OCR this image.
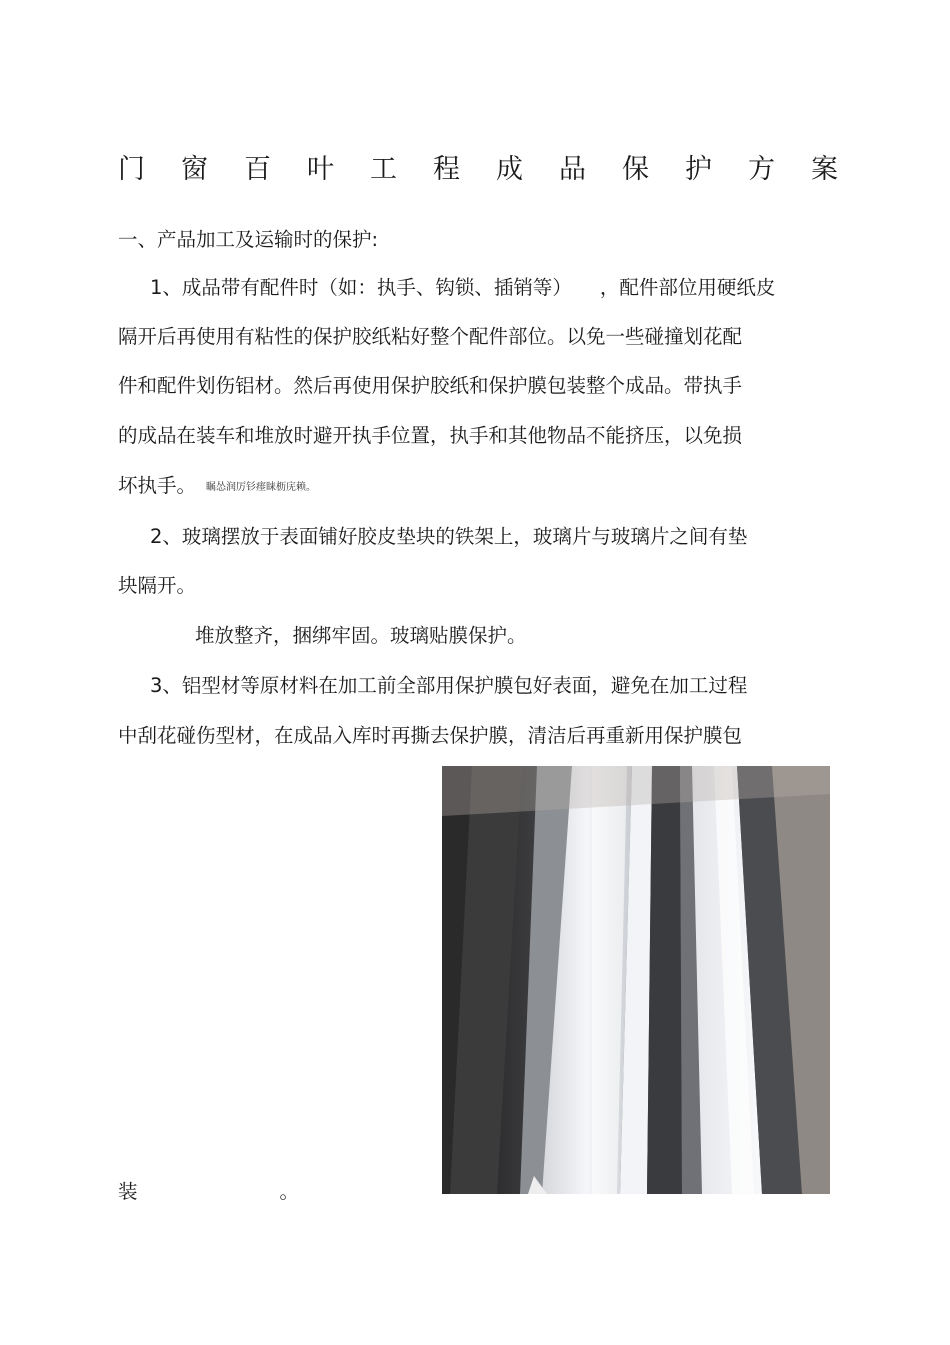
门 窗 百 叶 工 程 成 品 保 护 方 案
一、产品加工及运输时的保护:
1、成品带有配件时（如：执手、钩锁、插销等） ，配件部位用硬纸皮
隔开后再使用有粘性的保护胶纸粘好整个配件部位。以免一些碰撞划花配
件和配件划伤铝材。然后再使用保护胶纸和保护膜包装整个成品。带执手
的成品在装车和堆放时避开执手位置，执手和其他物品不能挤压，以免损
坏执手。 瞩怂润厉钐瘗睐枥庑赖。
2、玻璃摆放于表面铺好胶皮垫块的铁架上，玻璃片与玻璃片之间有垫
块隔开。
堆放整齐，捆绑牢固。玻璃贴膜保护。
3、铝型材等原材料在加工前全部用保护膜包好表面，避免在加工过程
中刮花碰伤型材，在成品入库时再撕去保护膜，清洁后再重新用保护膜包
装	。
